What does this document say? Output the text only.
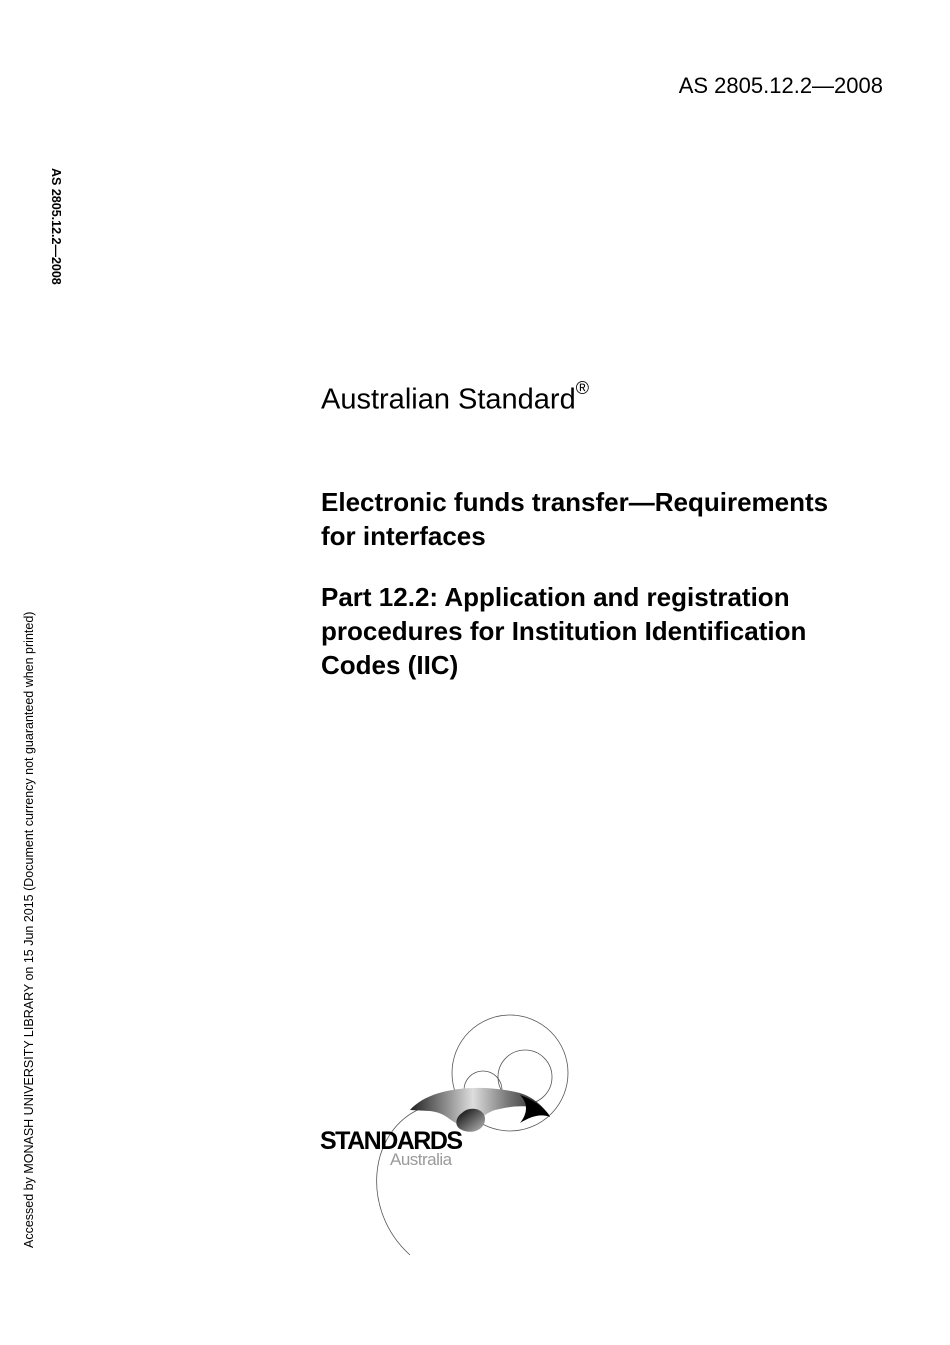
AS 2805.12.2—2008
AS 2805.12.2—2008
Accessed by MONASH UNIVERSITY LIBRARY on 15 Jun 2015 (Document currency not guaranteed when printed)
Australian Standard®
Electronic funds transfer—Requirements
for interfaces
Part 12.2: Application and registration
procedures for Institution Identification
Codes (IIC)
STANDARDS
Australia
